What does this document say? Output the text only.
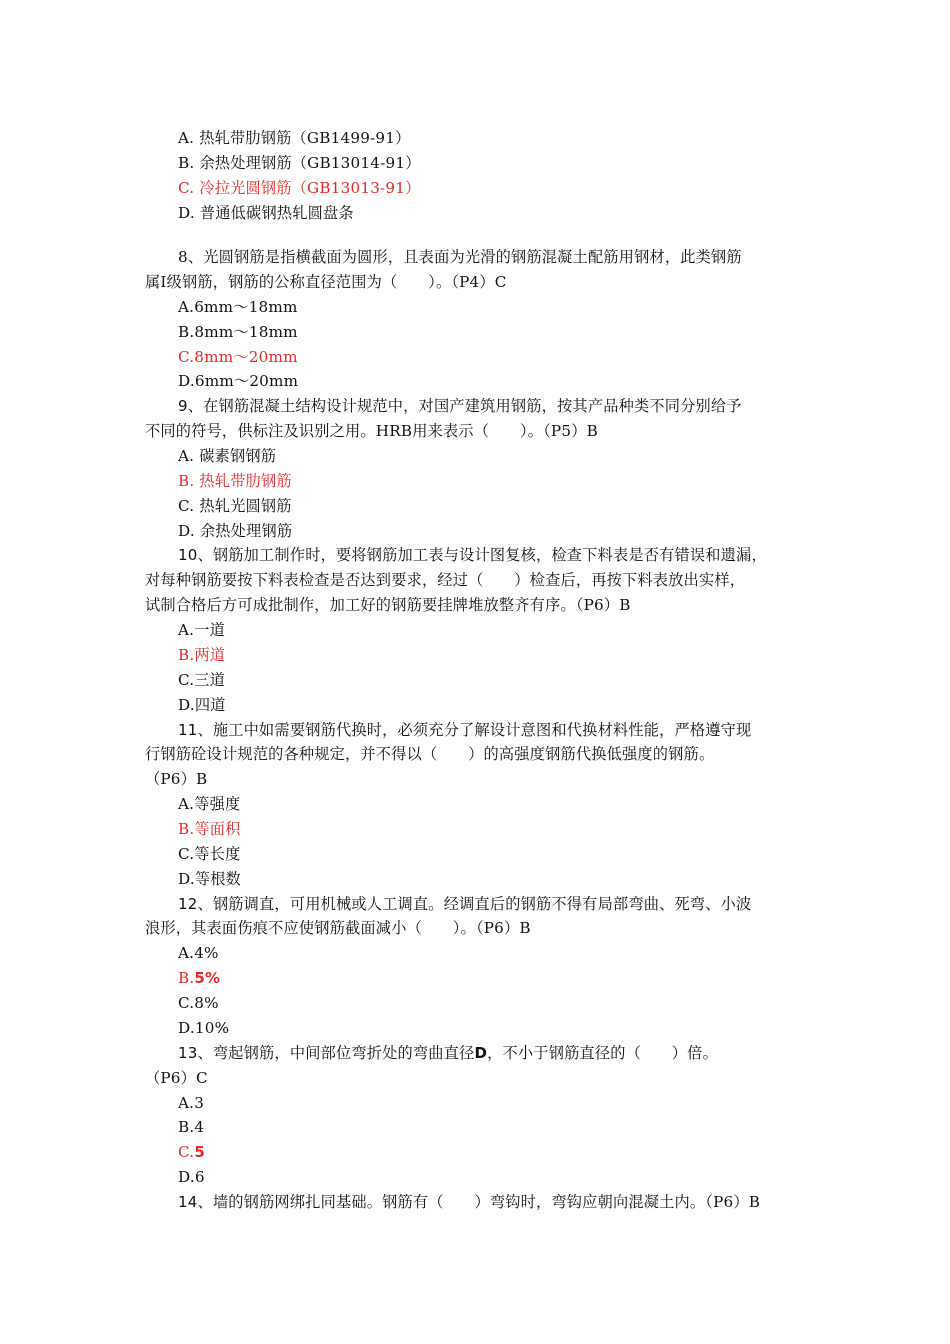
A. 热轧带肋钢筋（GB1499-91）
B. 余热处理钢筋（GB13014-91）
C. 冷拉光圆钢筋（GB13013-91）
D. 普通低碳钢热轧圆盘条
8、光圆钢筋是指横截面为圆形，且表面为光滑的钢筋混凝土配筋用钢材，此类钢筋
属Ⅰ级钢筋，钢筋的公称直径范围为（　　）。（P4）C
A.6mm～18mm
B.8mm～18mm
C.8mm～20mm
D.6mm～20mm
9、在钢筋混凝土结构设计规范中，对国产建筑用钢筋，按其产品种类不同分别给予
不同的符号，供标注及识别之用。HRB用来表示（　　）。（P5）B
A. 碳素钢钢筋
B. 热轧带肋钢筋
C. 热轧光圆钢筋
D. 余热处理钢筋
10、钢筋加工制作时，要将钢筋加工表与设计图复核，检查下料表是否有错误和遗漏，
对每种钢筋要按下料表检查是否达到要求，经过（　　）检查后，再按下料表放出实样，
试制合格后方可成批制作，加工好的钢筋要挂牌堆放整齐有序。（P6）B
A.一道
B.两道
C.三道
D.四道
11、施工中如需要钢筋代换时，必须充分了解设计意图和代换材料性能，严格遵守现
行钢筋砼设计规范的各种规定，并不得以（　　）的高强度钢筋代换低强度的钢筋。
（P6）B
A.等强度
B.等面积
C.等长度
D.等根数
12、钢筋调直，可用机械或人工调直。经调直后的钢筋不得有局部弯曲、死弯、小波
浪形，其表面伤痕不应使钢筋截面减小（　　）。（P6）B
A.4%
B.5%
C.8%
D.10%
13、弯起钢筋，中间部位弯折处的弯曲直径D，不小于钢筋直径的（　　）倍。
（P6）C
A.3
B.4
C.5
D.6
14、墙的钢筋网绑扎同基础。钢筋有（　　）弯钩时，弯钩应朝向混凝土内。（P6）B
